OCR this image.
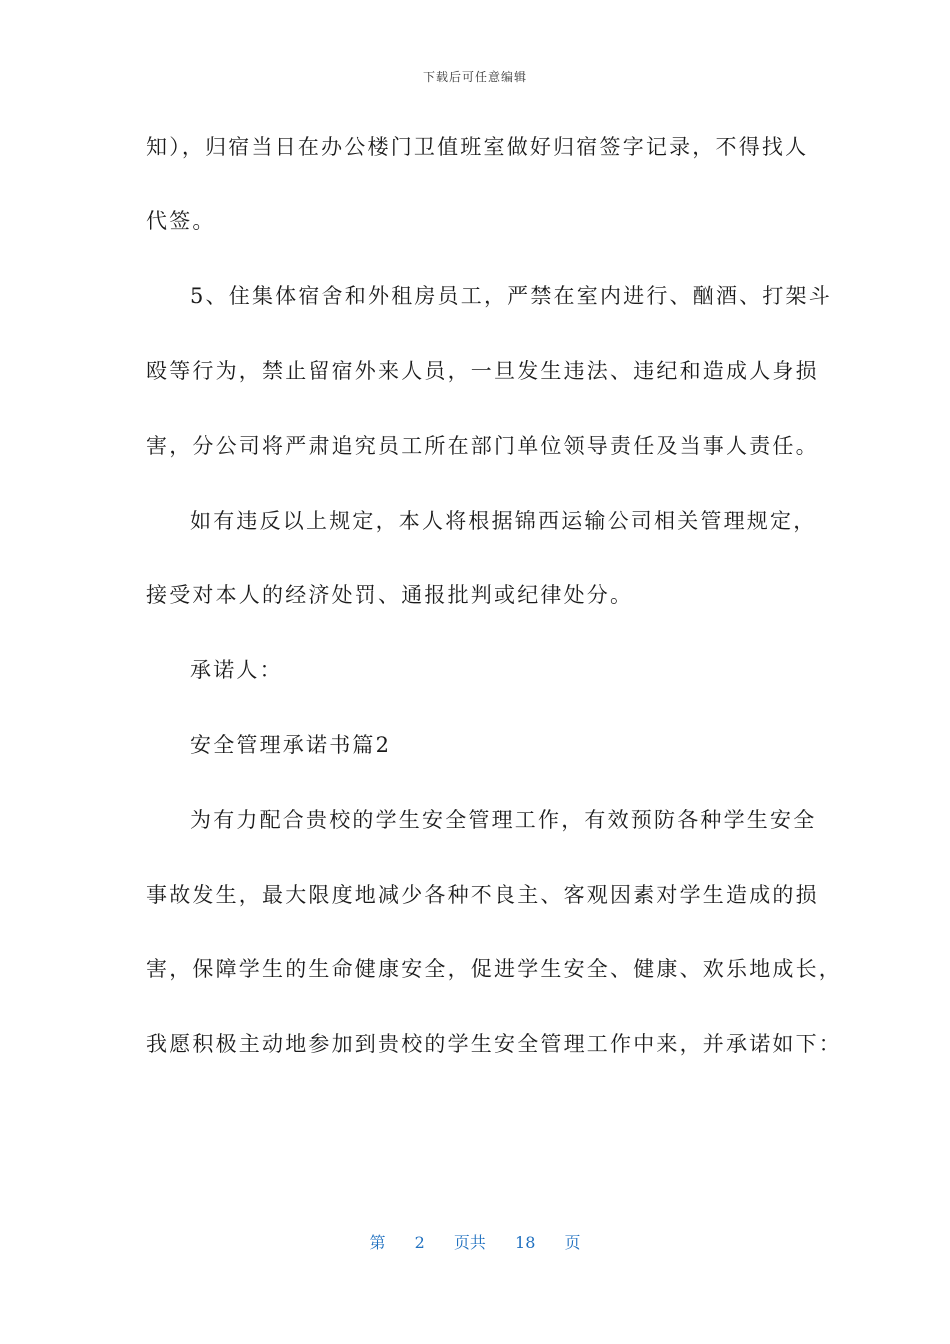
下载后可任意编辑
知），归宿当日在办公楼门卫值班室做好归宿签字记录，不得找人
代签。
5、住集体宿舍和外租房员工，严禁在室内进行、酗酒、打架斗
殴等行为，禁止留宿外来人员，一旦发生违法、违纪和造成人身损
害，分公司将严肃追究员工所在部门单位领导责任及当事人责任。
如有违反以上规定，本人将根据锦西运输公司相关管理规定，
接受对本人的经济处罚、通报批判或纪律处分。
承诺人：
安全管理承诺书篇2
为有力配合贵校的学生安全管理工作，有效预防各种学生安全
事故发生，最大限度地减少各种不良主、客观因素对学生造成的损
害，保障学生的生命健康安全，促进学生安全、健康、欢乐地成长，
我愿积极主动地参加到贵校的学生安全管理工作中来，并承诺如下：
第 2 页共 18 页
